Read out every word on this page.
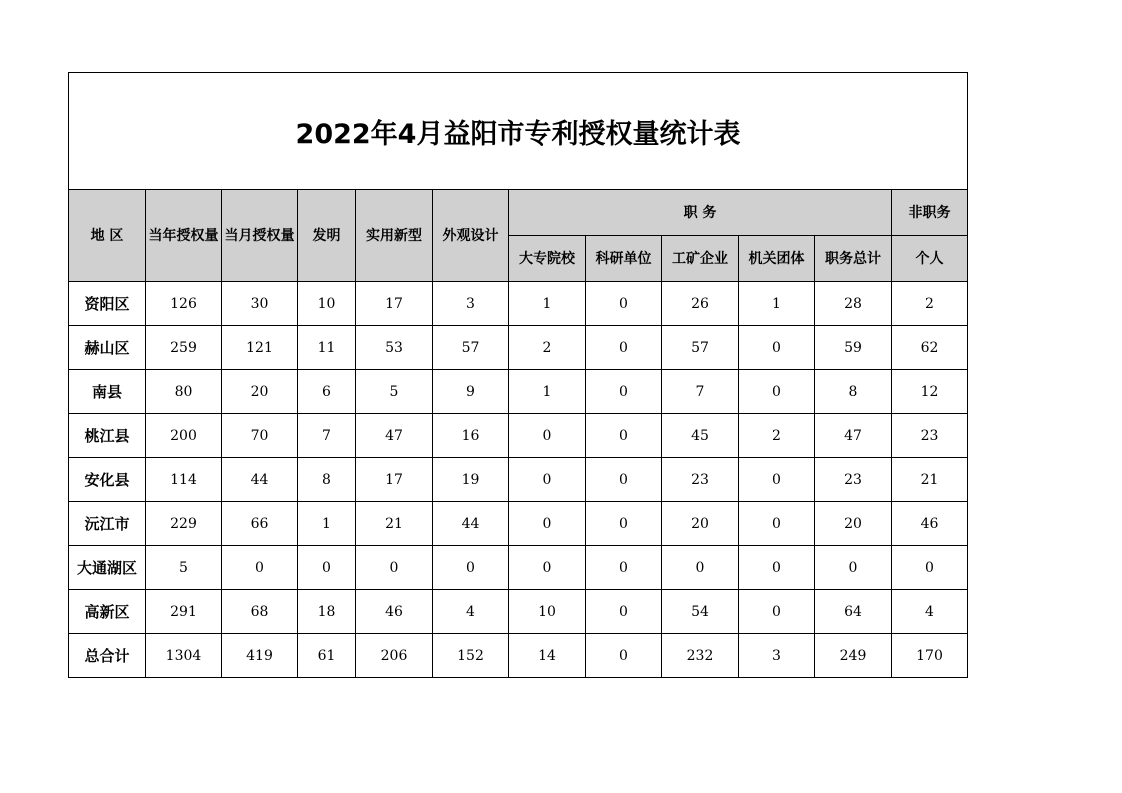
2022年4月益阳市专利授权量统计表											
地 区	当年授权量	当月授权量	发明	实用新型	外观设计	职 务					非职务
						大专院校	科研单位	工矿企业	机关团体	职务总计	个人
资阳区	126	30	10	17	3	1	0	26	1	28	2
赫山区	259	121	11	53	57	2	0	57	0	59	62
南县	80	20	6	5	9	1	0	7	0	8	12
桃江县	200	70	7	47	16	0	0	45	2	47	23
安化县	114	44	8	17	19	0	0	23	0	23	21
沅江市	229	66	1	21	44	0	0	20	0	20	46
大通湖区	5	0	0	0	0	0	0	0	0	0	0
高新区	291	68	18	46	4	10	0	54	0	64	4
总合计	1304	419	61	206	152	14	0	232	3	249	170
